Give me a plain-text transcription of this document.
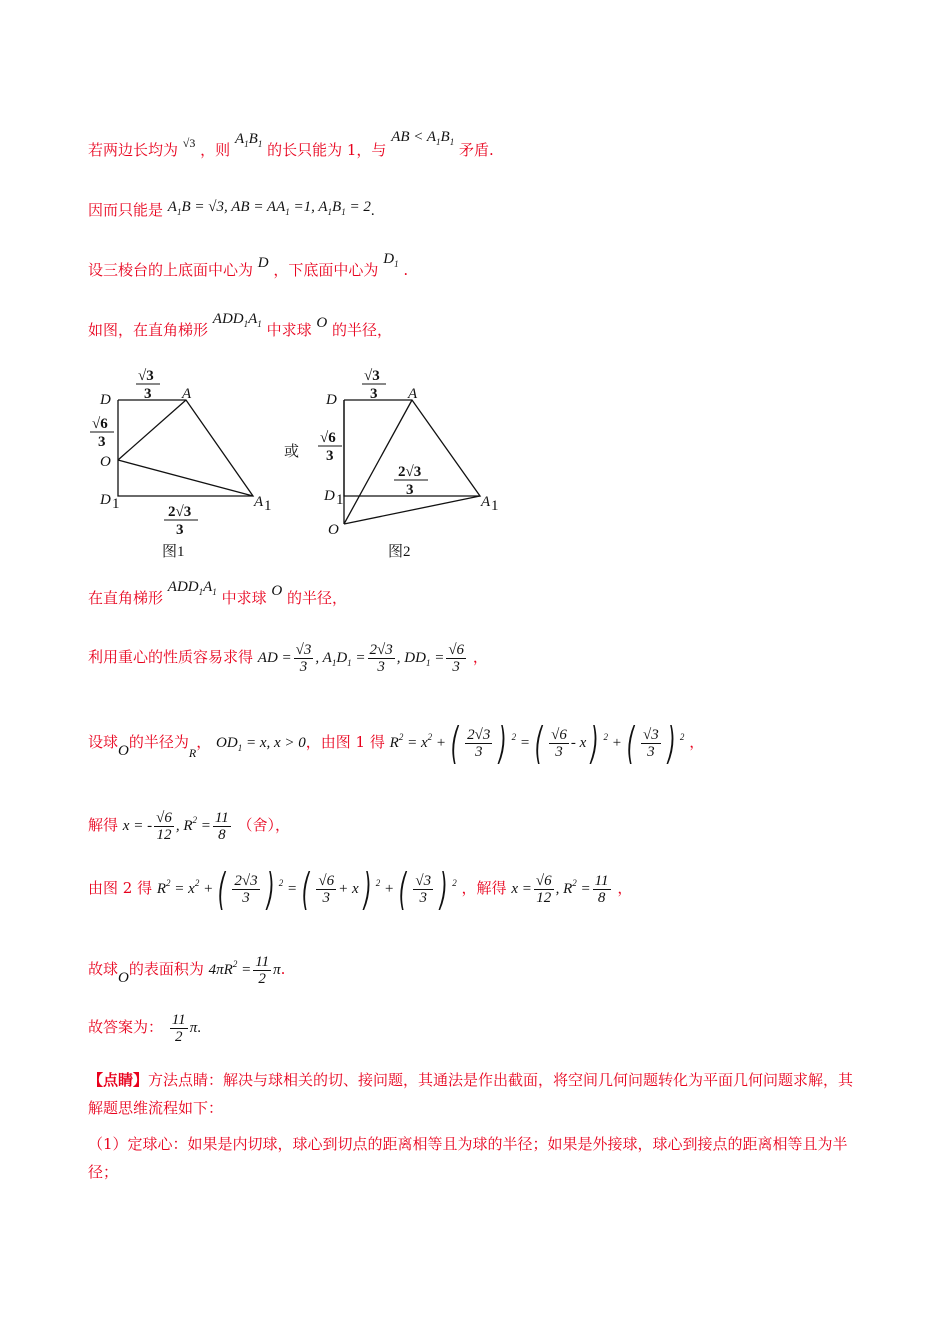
若两边长均为 $^{√3}$ ，则 $A_1B_1$ 的长只能为 1，与 AB < $A_1B_1$ 矛盾.
因而只能是 $A_1B = √3$, AB = $AA_1 =1$, $A_1B_1 = 2$.
设三棱台的上底面中心为 D ，下底面中心为 $D_1$ .
如图，在直角梯形 $ADD_1A_1$ 中求球 O 的半径，
D	A
O
D	A
D	A
D	A
O
1	1	1	1
√3
3
√6
3
2√3
3
√3
3
√6
3
2√3
3
或
图1	图2
在直角梯形 $ADD_1A_1$ 中求球 O 的半径，
利用重心的性质容易求得 AD = $\frac{√3}{3}$ , $A_1D_1 = \frac{2√3}{3}$ , $DD_1 = \frac{√6}{3}$ ，
设球O的半径为$_R$， $OD_1 = x$, x > 0，由图 1 得 $R^2 = x^2$ + ( $\frac{2√3}{3}$ ) $^2$ = ( $\frac{√6}{3}$ - x ) $^2$ + ( $\frac{√3}{3}$ ) $^2$ ，
解得 x = - $\frac{√6}{12}$ , $R^2 = \frac{11}{8}$ （舍），
由图 2 得 $R^2 = x^2$ + ( $\frac{2√3}{3}$ ) $^2$ = ( $\frac{√6}{3} + x$ ) $^2$ + ( $\frac{√3}{3}$ ) $^2$ ，解得 $x = \frac{√6}{12}$ , $R^2 = \frac{11}{8}$ ，
故球O的表面积为 $4\pi R^2 = \frac{11}{2} \pi$.
故答案为： $\frac{11}{2} \pi$.
【点睛】方法点睛：解决与球相关的切、接问题，其通法是作出截面，将空间几何问题转化为平面几何问题求解，其解题思维流程如下：
（1）定球心：如果是内切球，球心到切点的距离相等且为球的半径；如果是外接球，球心到接点的距离相等且为半径；
